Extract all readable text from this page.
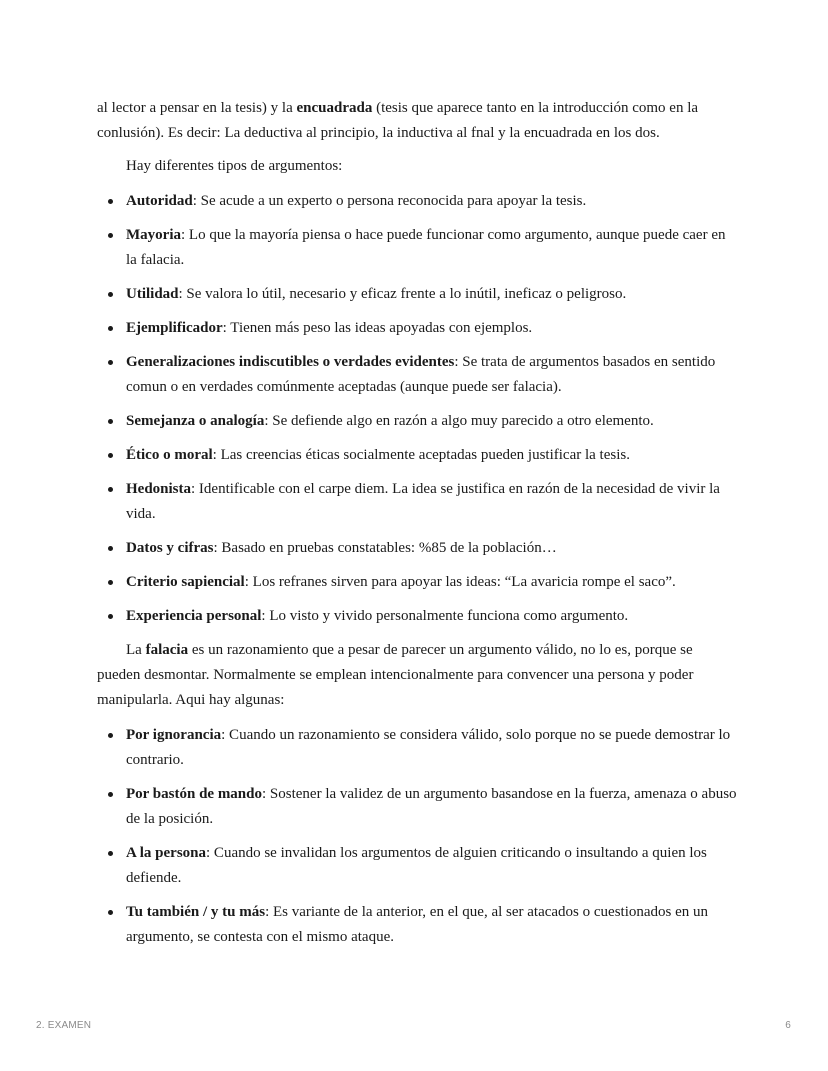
al lector a pensar en la tesis) y la encuadrada (tesis que aparece tanto en la introducción como en la conlusión). Es decir: La deductiva al principio, la inductiva al fnal y la encuadrada en los dos.

Hay diferentes tipos de argumentos:

Autoridad: Se acude a un experto o persona reconocida para apoyar la tesis.
Mayoria: Lo que la mayoría piensa o hace puede funcionar como argumento, aunque puede caer en la falacia.
Utilidad: Se valora lo útil, necesario y eficaz frente a lo inútil, ineficaz o peligroso.
Ejemplificador: Tienen más peso las ideas apoyadas con ejemplos.
Generalizaciones indiscutibles o verdades evidentes: Se trata de argumentos basados en sentido comun o en verdades comúnmente aceptadas (aunque puede ser falacia).
Semejanza o analogía: Se defiende algo en razón a algo muy parecido a otro elemento.
Ético o moral: Las creencias éticas socialmente aceptadas pueden justificar la tesis.
Hedonista: Identificable con el carpe diem. La idea se justifica en razón de la necesidad de vivir la vida.
Datos y cifras: Basado en pruebas constatables: %85 de la población…
Criterio sapiencial: Los refranes sirven para apoyar las ideas: “La avaricia rompe el saco”.
Experiencia personal: Lo visto y vivido personalmente funciona como argumento.

La falacia es un razonamiento que a pesar de parecer un argumento válido, no lo es, porque se pueden desmontar. Normalmente se emplean intencionalmente para convencer una persona y poder manipularla. Aqui hay algunas:

Por ignorancia: Cuando un razonamiento se considera válido, solo porque no se puede demostrar lo contrario.
Por bastón de mando: Sostener la validez de un argumento basandose en la fuerza, amenaza o abuso de la posición.
A la persona: Cuando se invalidan los argumentos de alguien criticando o insultando a quien los defiende.
Tu también / y tu más: Es variante de la anterior, en el que, al ser atacados o cuestionados en un argumento, se contesta con el mismo ataque.
2. EXAMEN	6
